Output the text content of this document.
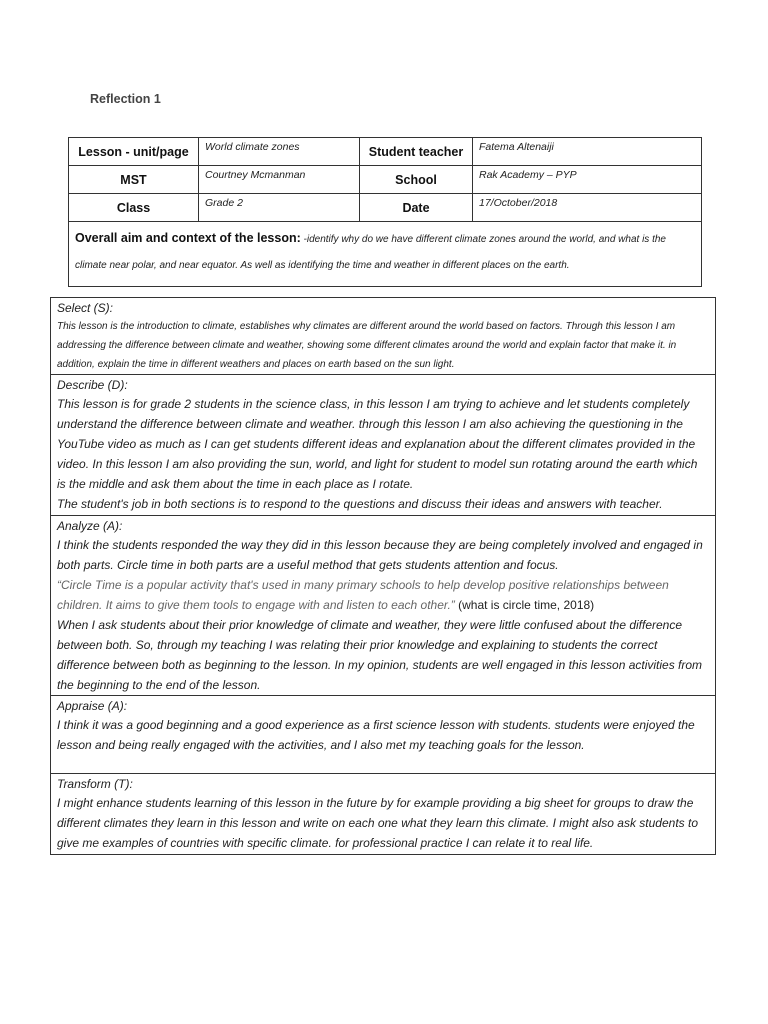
Reflection 1
Lesson - unit/page	World climate zones	Student teacher	Fatema Altenaiji
MST	Courtney Mcmanman	School	Rak Academy – PYP
Class	Grade 2	Date	17/October/2018
Overall aim and context of the lesson: -identify why do we have different climate zones around the world, and what is the climate near polar, and near equator. As well as identifying the time and weather in different places on the earth.			
Select (S):
This lesson is the introduction to climate, establishes why climates are different around the world based on factors. Through this lesson I am addressing the difference between climate and weather, showing some different climates around the world and explain factor that make it. in addition, explain the time in different weathers and places on earth based on the sun light.
Describe (D):
This lesson is for grade 2 students in the science class, in this lesson I am trying to achieve and let students completely understand the difference between climate and weather. through this lesson I am also achieving the questioning in the YouTube video as much as I can get students different ideas and explanation about the different climates provided in the video. In this lesson I am also providing the sun, world, and light for student to model sun rotating around the earth which is the middle and ask them about the time in each place as I rotate.
The student's job in both sections is to respond to the questions and discuss their ideas and answers with teacher.
Analyze (A):
I think the students responded the way they did in this lesson because they are being completely involved and engaged in both parts. Circle time in both parts are a useful method that gets students attention and focus.
“Circle Time is a popular activity that's used in many primary schools to help develop positive relationships between children. It aims to give them tools to engage with and listen to each other.” (what is circle time, 2018)
When I ask students about their prior knowledge of climate and weather, they were little confused about the difference between both. So, through my teaching I was relating their prior knowledge and explaining to students the correct difference between both as beginning to the lesson. In my opinion, students are well engaged in this lesson activities from the beginning to the end of the lesson.
Appraise (A):
I think it was a good beginning and a good experience as a first science lesson with students. students were enjoyed the lesson and being really engaged with the activities, and I also met my teaching goals for the lesson.
Transform (T):
I might enhance students learning of this lesson in the future by for example providing a big sheet for groups to draw the different climates they learn in this lesson and write on each one what they learn this climate. I might also ask students to give me examples of countries with specific climate. for professional practice I can relate it to real life.
